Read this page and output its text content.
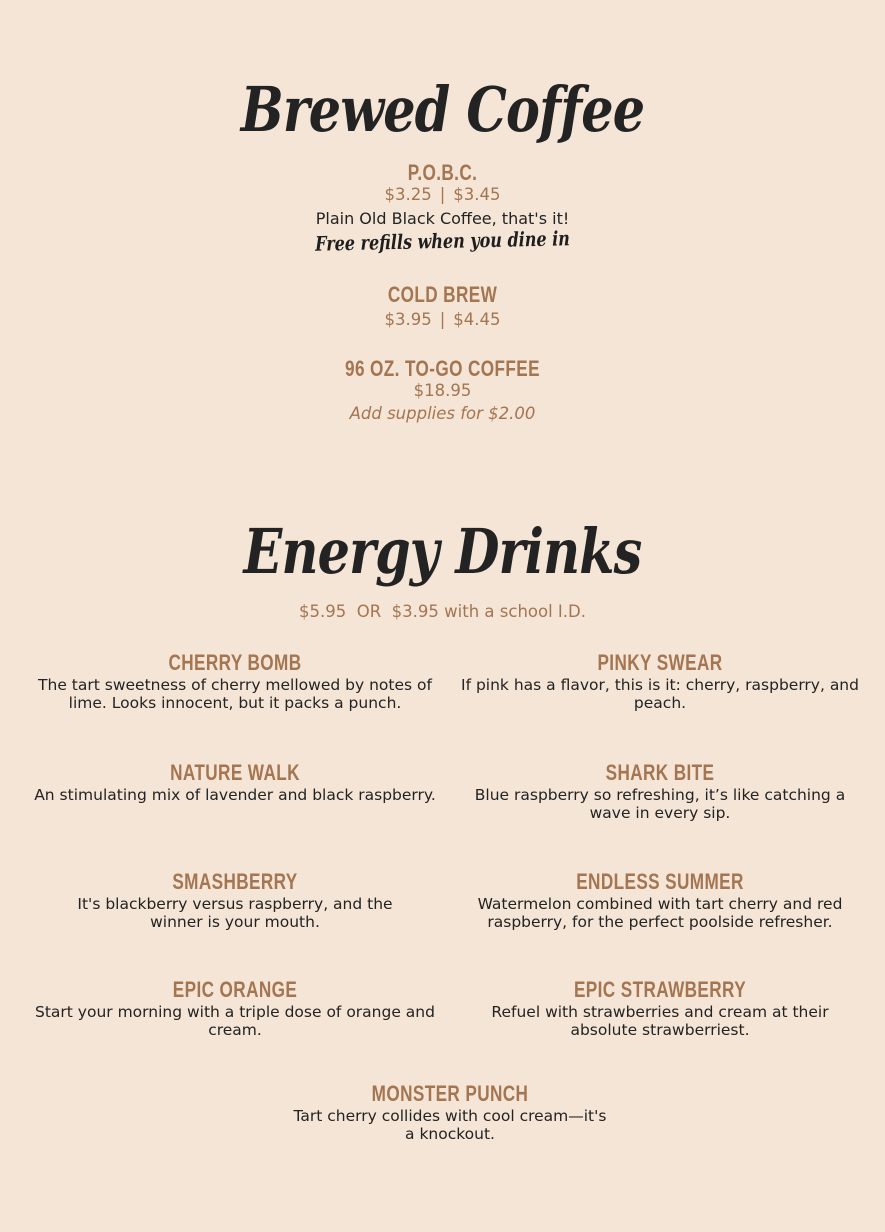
Brewed Coffee
P.O.B.C.
$3.25 | $3.45
Plain Old Black Coffee, that's it!
Free refills when you dine in
COLD BREW
$3.95 | $4.45
96 OZ. TO-GO COFFEE
$18.95
Add supplies for $2.00
Energy Drinks
$5.95  OR  $3.95 with a school I.D.
CHERRY BOMB
The tart sweetness of cherry mellowed by notes of lime. Looks innocent, but it packs a punch.
PINKY SWEAR
If pink has a flavor, this is it: cherry, raspberry, and peach.
NATURE WALK
An stimulating mix of lavender and black raspberry.
SHARK BITE
Blue raspberry so refreshing, it’s like catching a wave in every sip.
SMASHBERRY
It's blackberry versus raspberry, and the winner is your mouth.
ENDLESS SUMMER
Watermelon combined with tart cherry and red raspberry, for the perfect poolside refresher.
EPIC ORANGE
Start your morning with a triple dose of orange and cream.
EPIC STRAWBERRY
Refuel with strawberries and cream at their absolute strawberriest.
MONSTER PUNCH
Tart cherry collides with cool cream—it's a knockout.
